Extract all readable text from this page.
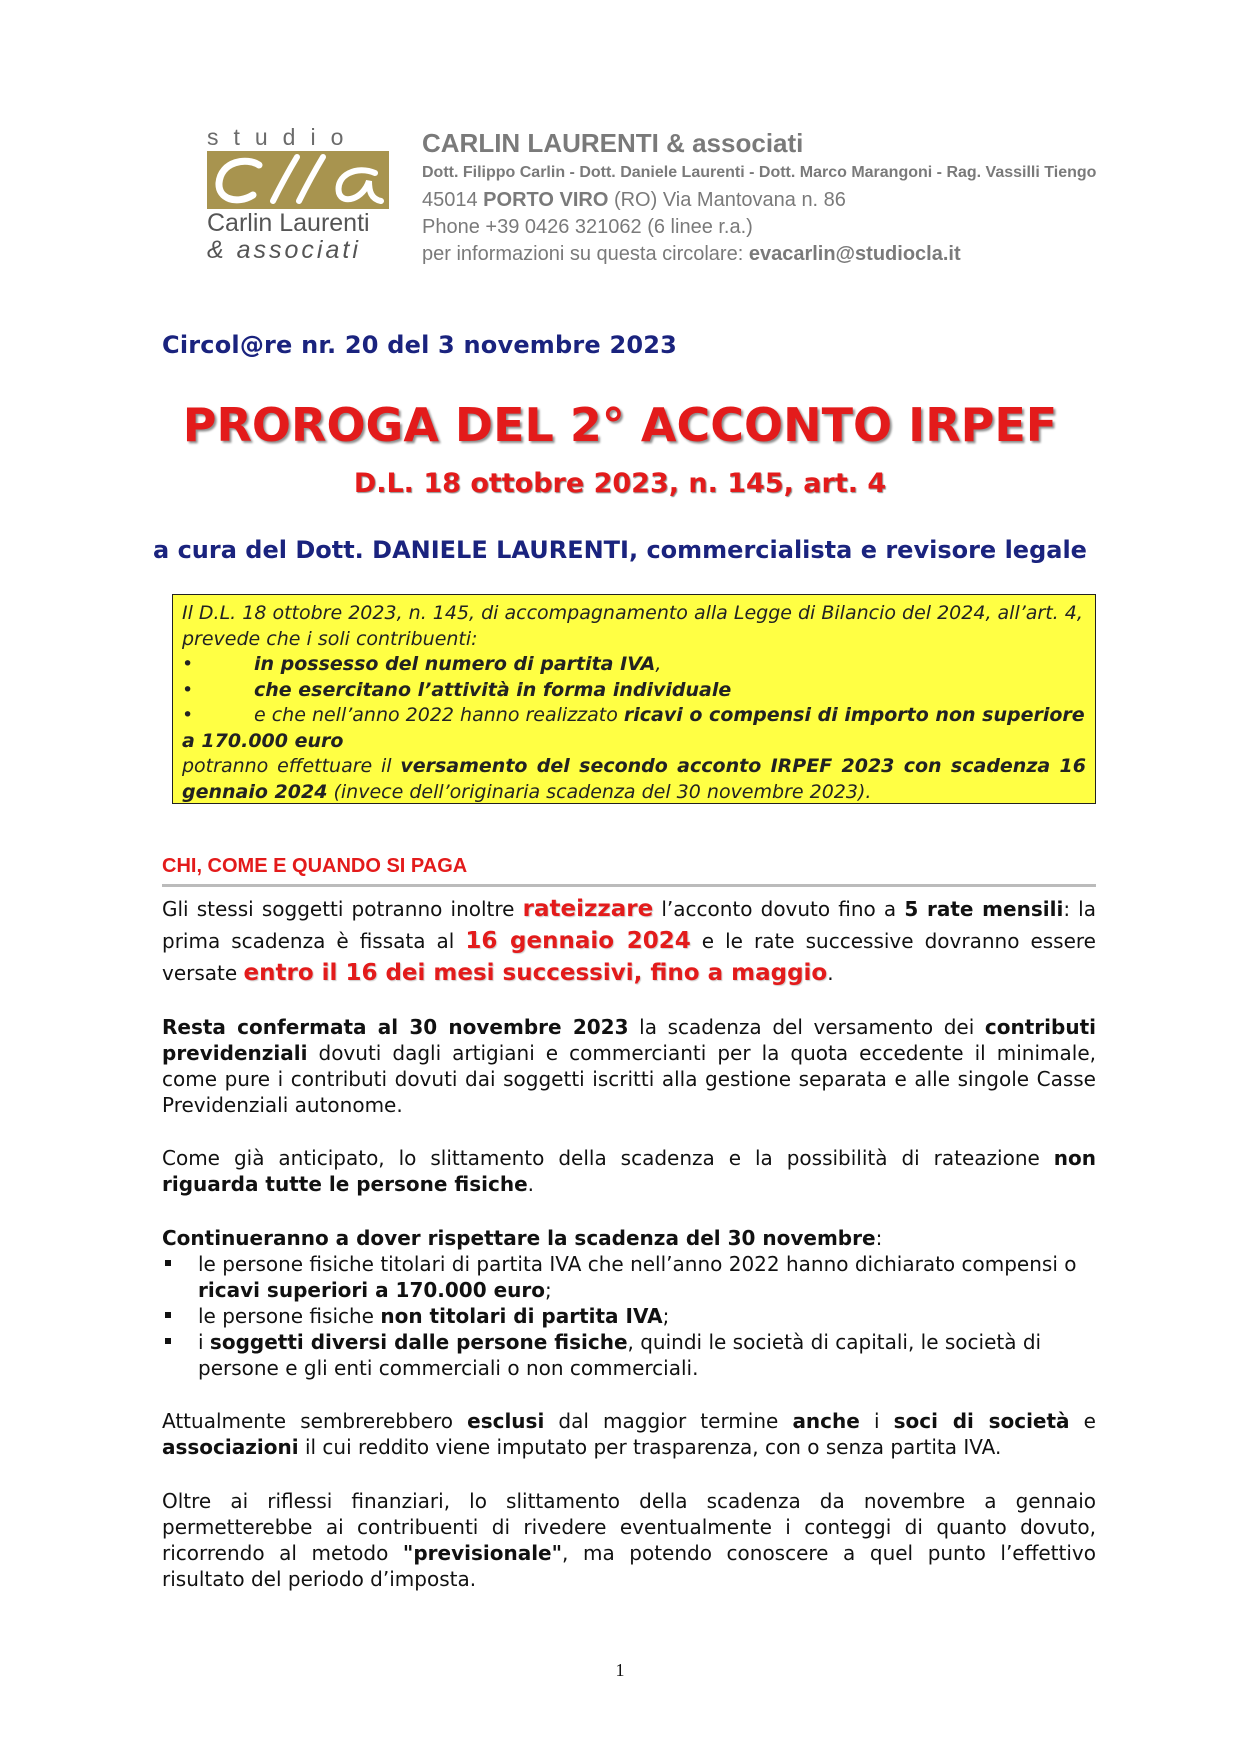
studio
Carlin Laurenti
& associati
CARLIN LAURENTI & associati
Dott. Filippo Carlin - Dott. Daniele Laurenti - Dott. Marco Marangoni - Rag. Vassilli Tiengo
45014 PORTO VIRO (RO) Via Mantovana n. 86
Phone +39 0426 321062 (6 linee r.a.)
per informazioni su questa circolare: evacarlin@studiocla.it
Circol@re nr. 20 del 3 novembre 2023
PROROGA DEL 2° ACCONTO IRPEF
D.L. 18 ottobre 2023, n. 145, art. 4
a cura del Dott. DANIELE LAURENTI, commercialista e revisore legale

Il D.L. 18 ottobre 2023, n. 145, di accompagnamento alla Legge di Bilancio del 2024, all’art. 4, prevede che i soli contribuenti:

•	in possesso del numero di partita IVA,
•	che esercitano l’attività in forma individuale
•	e che nell’anno 2022 hanno realizzato ricavi o compensi di importo non superiore

a 170.000 euro

potranno effettuare il versamento del secondo acconto IRPEF 2023 con scadenza 16 gennaio 2024 (invece dell’originaria scadenza del 30 novembre 2023).

CHI, COME E QUANDO SI PAGA

Gli stessi soggetti potranno inoltre rateizzare l’acconto dovuto fino a 5 rate mensili: la prima scadenza è fissata al 16 gennaio 2024 e le rate successive dovranno essere versate entro il 16 dei mesi successivi, fino a maggio.

Resta confermata al 30 novembre 2023 la scadenza del versamento dei contributi previdenziali dovuti dagli artigiani e commercianti per la quota eccedente il minimale, come pure i contributi dovuti dai soggetti iscritti alla gestione separata e alle singole Casse Previdenziali autonome.

Come già anticipato, lo slittamento della scadenza e la possibilità di rateazione non riguarda tutte le persone fisiche.

Continueranno a dover rispettare la scadenza del 30 novembre:

le persone fisiche titolari di partita IVA che nell’anno 2022 hanno dichiarato compensi o ricavi superiori a 170.000 euro;
le persone fisiche non titolari di partita IVA;
i soggetti diversi dalle persone fisiche, quindi le società di capitali, le società di persone e gli enti commerciali o non commerciali.

Attualmente sembrerebbero esclusi dal maggior termine anche i soci di società e associazioni il cui reddito viene imputato per trasparenza, con o senza partita IVA.

Oltre ai riflessi finanziari, lo slittamento della scadenza da novembre a gennaio permetterebbe ai contribuenti di rivedere eventualmente i conteggi di quanto dovuto, ricorrendo al metodo "previsionale", ma potendo conoscere a quel punto l’effettivo risultato del periodo d’imposta.

1
